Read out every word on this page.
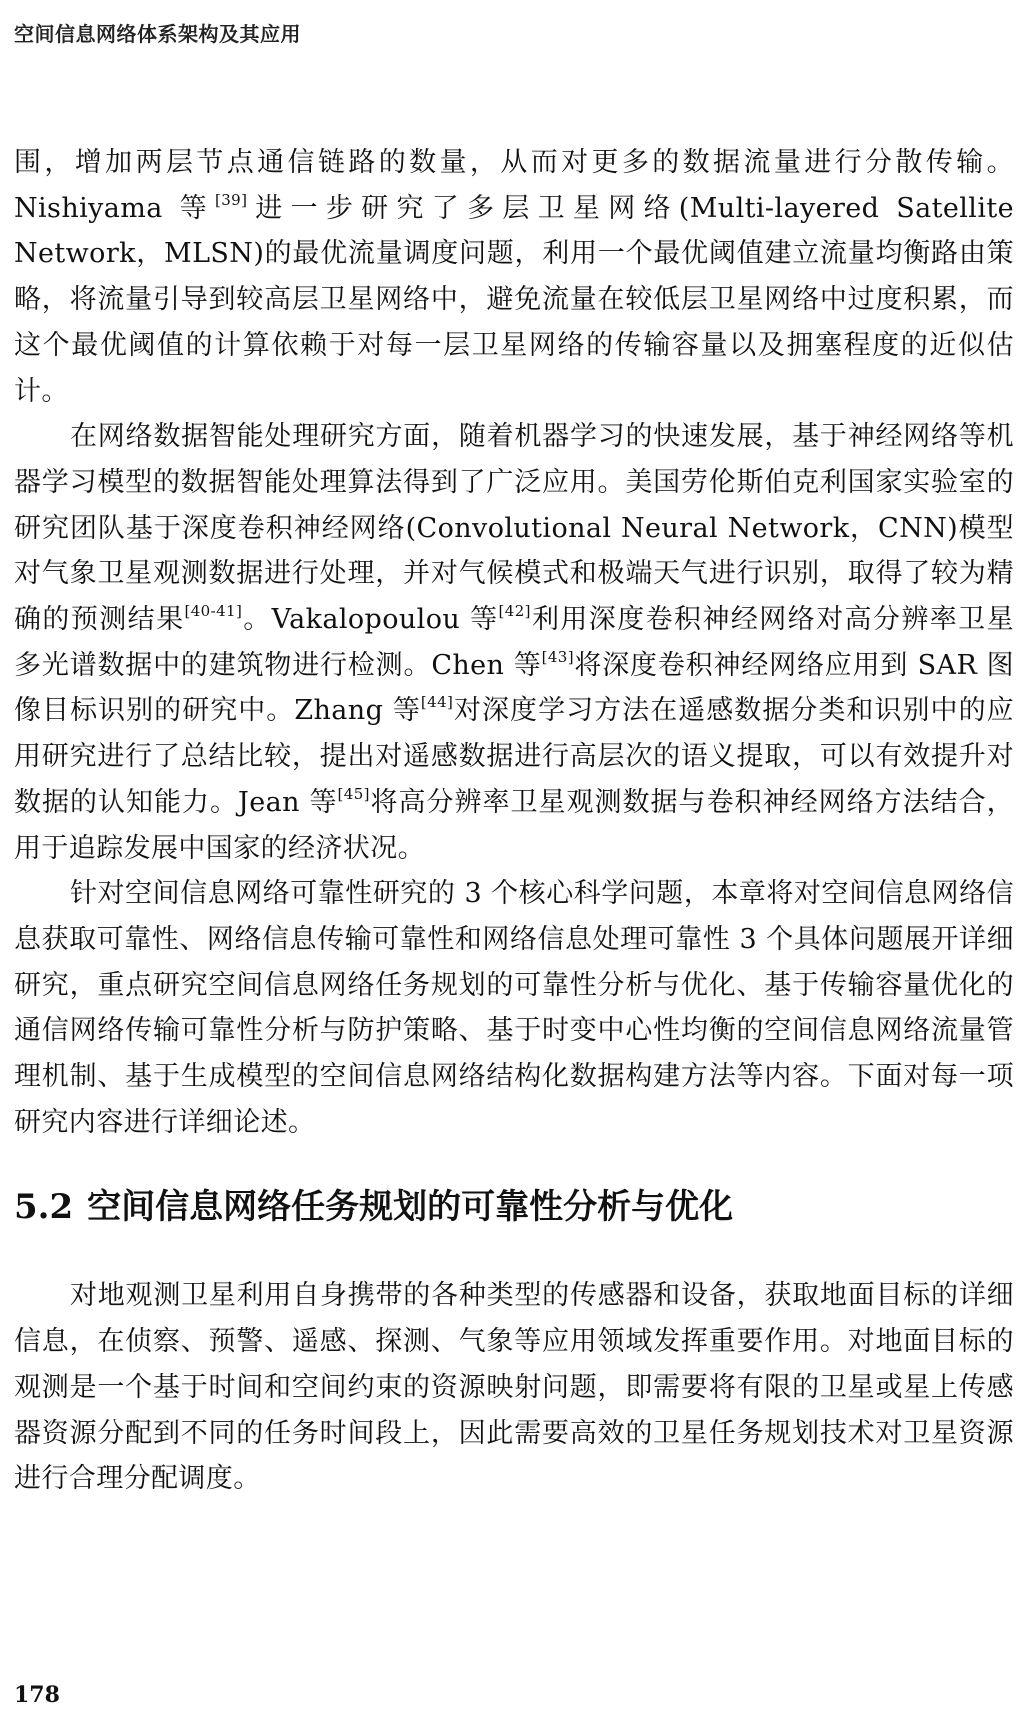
空间信息网络体系架构及其应用

围，增加两层节点通信链路的数量，从而对更多的数据流量进行分散传输。Nishiyama 等[39]进一步研究了多层卫星网络(Multi-layered Satellite Network，MLSN)的最优流量调度问题，利用一个最优阈值建立流量均衡路由策略，将流量引导到较高层卫星网络中，避免流量在较低层卫星网络中过度积累，而这个最优阈值的计算依赖于对每一层卫星网络的传输容量以及拥塞程度的近似估计。

在网络数据智能处理研究方面，随着机器学习的快速发展，基于神经网络等机器学习模型的数据智能处理算法得到了广泛应用。美国劳伦斯伯克利国家实验室的研究团队基于深度卷积神经网络(Convolutional Neural Network，CNN)模型对气象卫星观测数据进行处理，并对气候模式和极端天气进行识别，取得了较为精确的预测结果[40-41]。Vakalopoulou 等[42]利用深度卷积神经网络对高分辨率卫星多光谱数据中的建筑物进行检测。Chen 等[43]将深度卷积神经网络应用到 SAR 图像目标识别的研究中。Zhang 等[44]对深度学习方法在遥感数据分类和识别中的应用研究进行了总结比较，提出对遥感数据进行高层次的语义提取，可以有效提升对数据的认知能力。Jean 等[45]将高分辨率卫星观测数据与卷积神经网络方法结合，用于追踪发展中国家的经济状况。

针对空间信息网络可靠性研究的 3 个核心科学问题，本章将对空间信息网络信息获取可靠性、网络信息传输可靠性和网络信息处理可靠性 3 个具体问题展开详细研究，重点研究空间信息网络任务规划的可靠性分析与优化、基于传输容量优化的通信网络传输可靠性分析与防护策略、基于时变中心性均衡的空间信息网络流量管理机制、基于生成模型的空间信息网络结构化数据构建方法等内容。下面对每一项研究内容进行详细论述。

5.2 空间信息网络任务规划的可靠性分析与优化

对地观测卫星利用自身携带的各种类型的传感器和设备，获取地面目标的详细信息，在侦察、预警、遥感、探测、气象等应用领域发挥重要作用。对地面目标的观测是一个基于时间和空间约束的资源映射问题，即需要将有限的卫星或星上传感器资源分配到不同的任务时间段上，因此需要高效的卫星任务规划技术对卫星资源进行合理分配调度。

178
